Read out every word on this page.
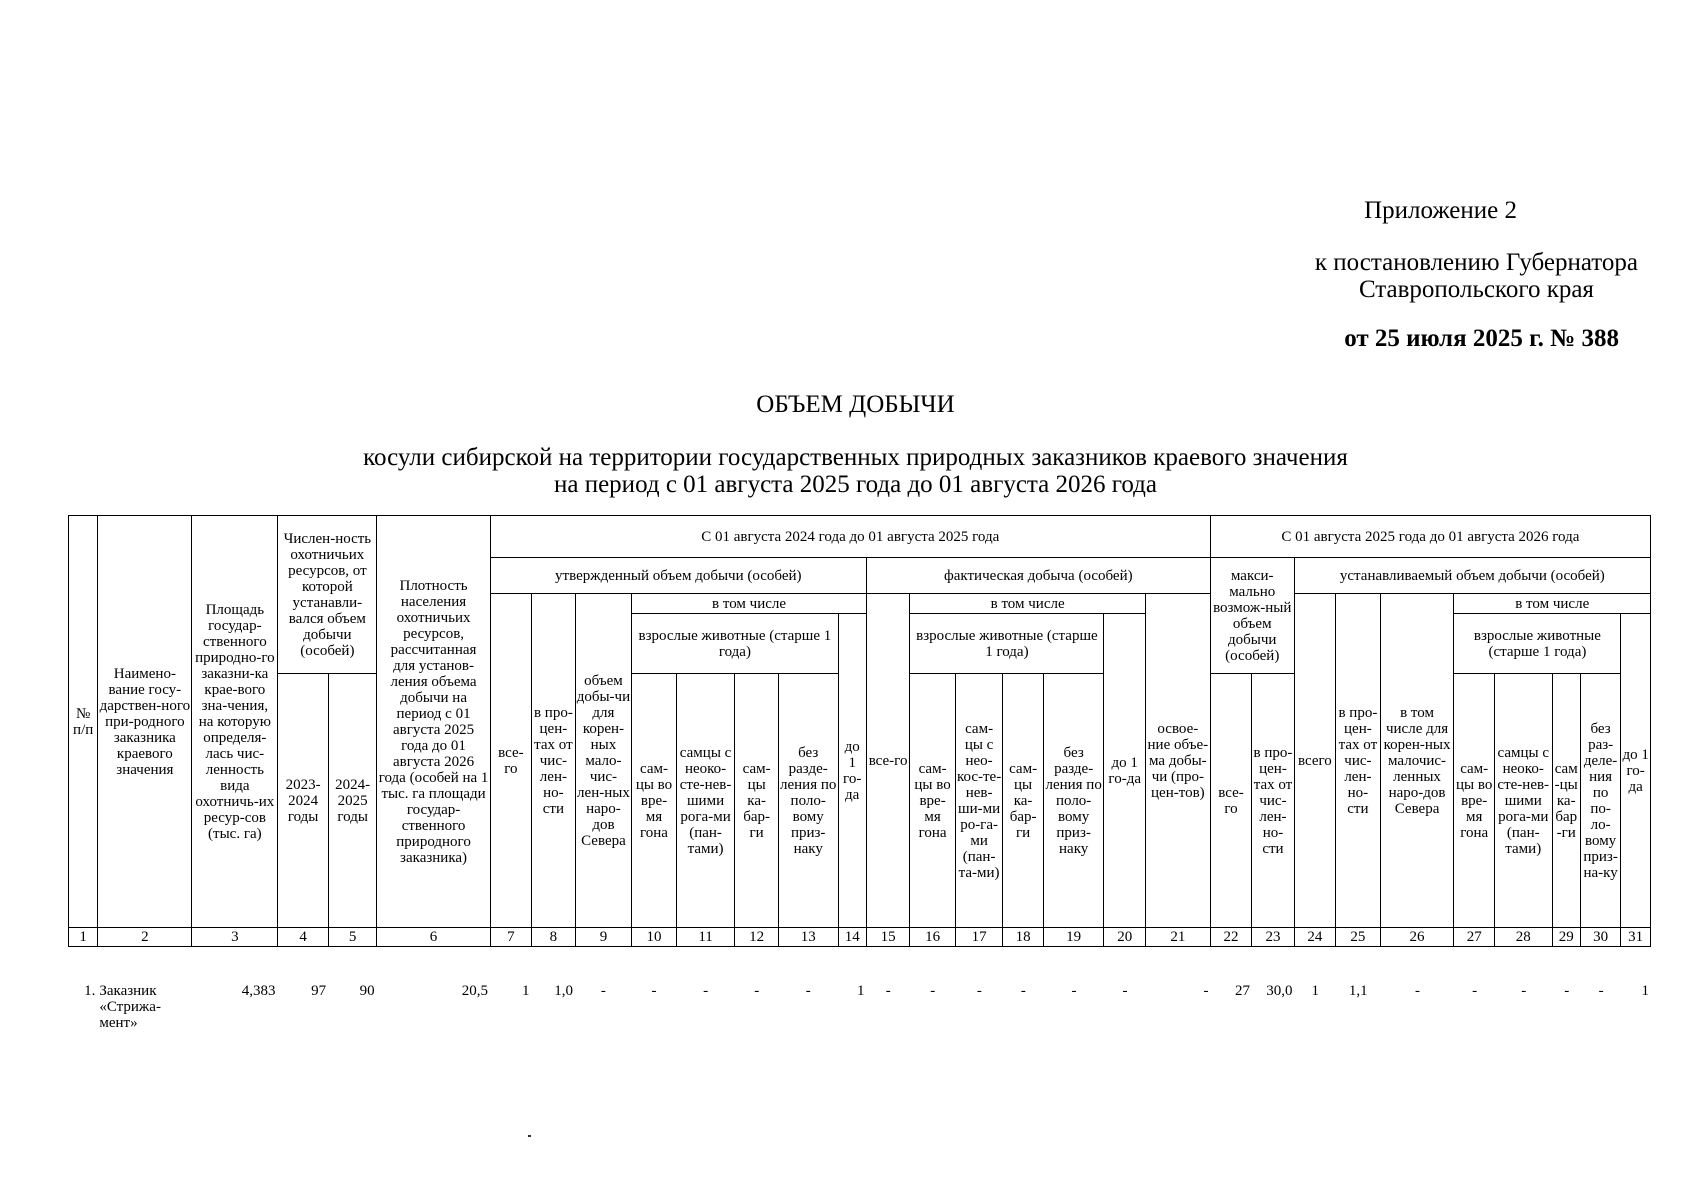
Приложение 2
к постановлению Губернатора
Ставропольского края
от 25 июля 2025 г. № 388
ОБЪЕМ ДОБЫЧИ
косули сибирской на территории государственных природных заказников краевого значения
на период с 01 августа 2025 года до 01 августа 2026 года
№ п/п	Наимено-вание госу-дарствен-ного при-родного заказника краевого значения	Площадь государ-ственного природно-го заказни-ка крае-вого зна-чения, на которую определя-лась чис-ленность вида охотничь-их ресур-сов (тыс. га)	Числен-ность охотничьих ресурсов, от которой устанавли-вался объем добычи (особей)		Плотность населения охотничьих ресурсов, рассчитанная для установ-ления объема добычи на период с 01 августа 2025 года до 01 августа 2026 года (особей на 1 тыс. га площади государ-ственного природного заказника)	С 01 августа 2024 года до 01 августа 2025 года															С 01 августа 2025 года до 01 августа 2026 года									
						утвержденный объем добычи (особей)								фактическая добыча (особей)							макси-мально возмож-ный объем добычи (особей)		устанавливаемый объем добычи (особей)							
						все-го	в про-цен-тах от чис-лен-но-сти	объем добы-чи для корен-ных мало-чис-лен-ных наро-дов Севера	в том числе					все-го	в том числе					освое-ние объе-ма добы-чи (про-цен-тов)			всего	в про-цен-тах от чис-лен-но-сти	в том числе для корен-ных малочис-ленных наро-дов Севера	в том числе				
									взрослые животные (старше 1 года)				до 1 го-да		взрослые животные (старше 1 года)				до 1 го-да							взрослые животные (старше 1 года)				до 1 го-да
			2023-2024 годы	2024-2025 годы					сам-цы во вре-мя гона	самцы с неоко-сте-нев-шими рога-ми (пан-тами)	сам-цы ка-бар-ги	без разде-ления по поло-вому приз-наку			сам-цы во вре-мя гона	сам-цы с нео-кос-те-нев-ши-ми ро-га-ми (пан-та-ми)	сам-цы ка-бар-ги	без разде-ления по поло-вому приз-наку			все-го	в про-цен-тах от чис-лен-но-сти				сам-цы во вре-мя гона	самцы с неоко-сте-нев-шими рога-ми (пан-тами)	сам-цы ка-бар-ги	без раз-деле-ния по по-ло-вому приз-на-ку	
1	2	3	4	5	6	7	8	9	10	11	12	13	14	15	16	17	18	19	20	21	22	23	24	25	26	27	28	29	30	31
1.	Заказник «Стрижа-мент»	4,383	97	90	20,5	1	1,0	-	-	-	-	-	1	-	-	-	-	-	-	-	27	30,0	1	1,1	-	-	-	-	-	1
